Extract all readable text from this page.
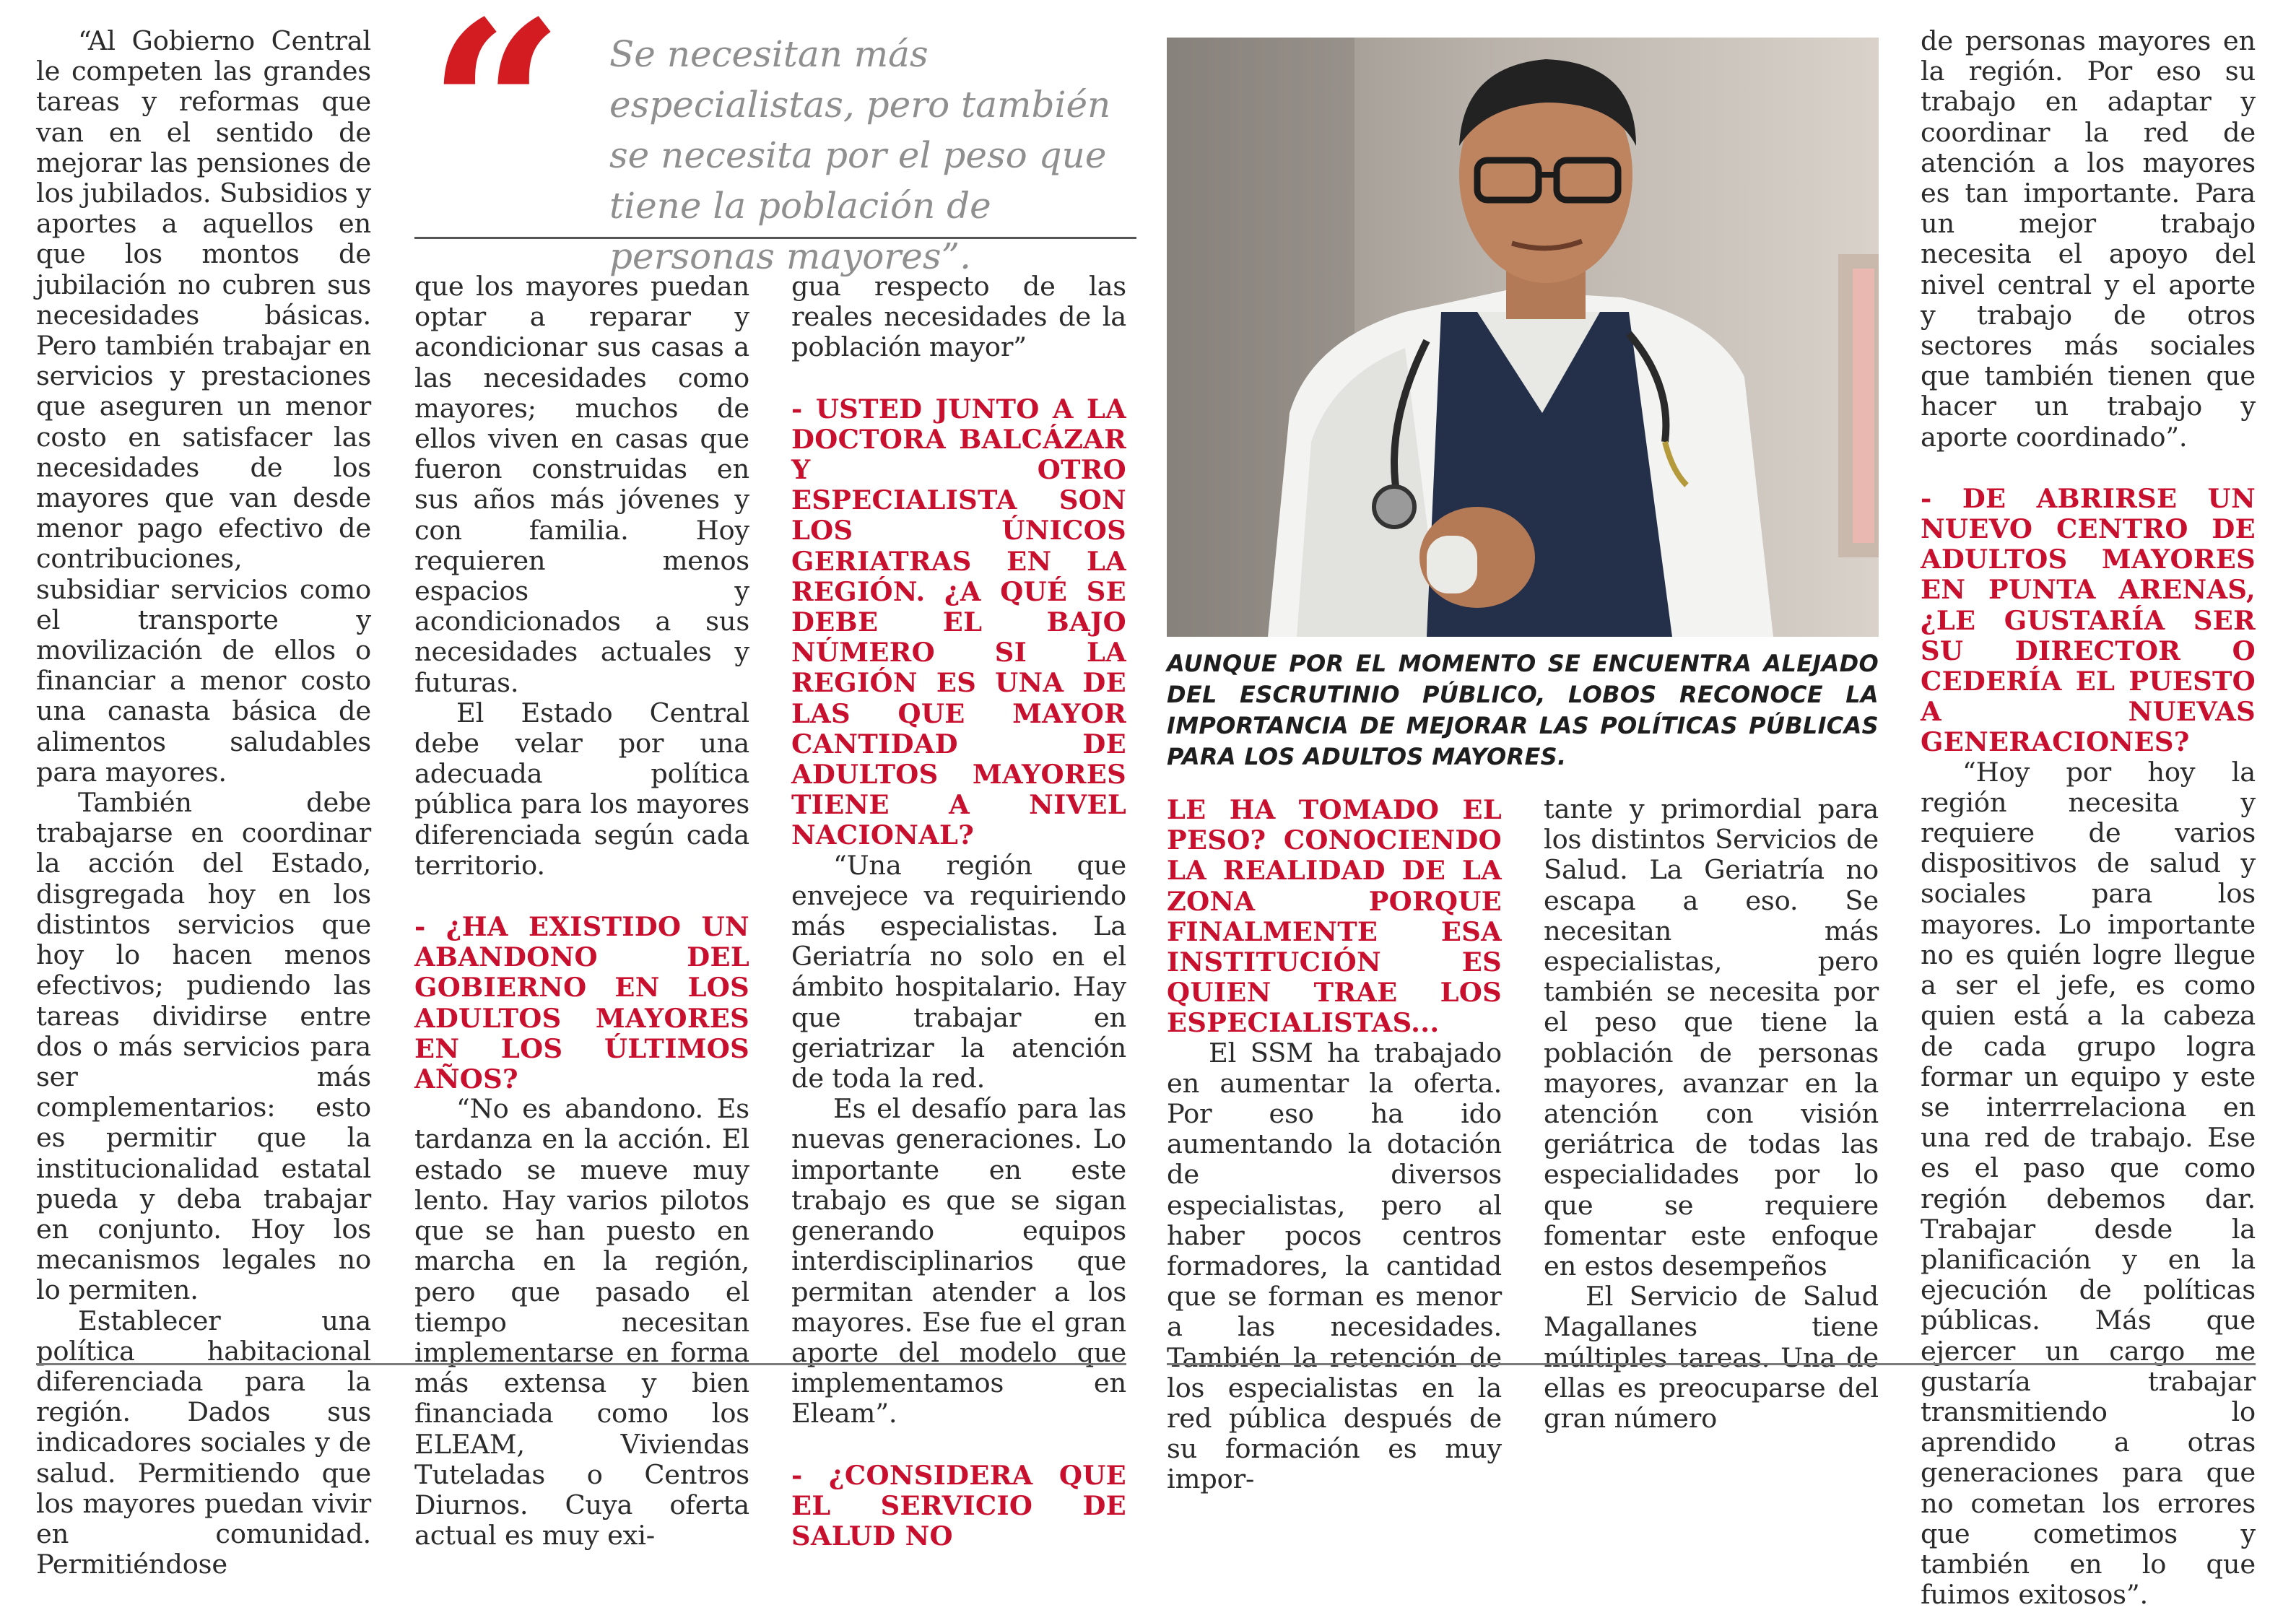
“Al Gobierno Central le competen las grandes tareas y reformas que van en el sentido de mejorar las pensiones de los jubilados. Subsidios y aportes a aquellos en que los montos de jubilación no cubren sus necesidades básicas. Pero también trabajar en servicios y prestaciones que aseguren un menor costo en satisfacer las necesidades de los mayores que van desde menor pago efectivo de contribuciones, subsidiar servicios como el transporte y movilización de ellos o financiar a menor costo una canasta básica de alimentos saludables para mayores.

También debe trabajarse en coordinar la acción del Estado, disgregada hoy en los distintos servicios que hoy lo hacen menos efectivos; pudiendo las tareas dividirse entre dos o más servicios para ser más complementarios: esto es permitir que la institucionalidad estatal pueda y deba trabajar en conjunto. Hoy los mecanismos legales no lo permiten.

Establecer una política habitacional diferenciada para la región. Dados sus indicadores sociales y de salud. Permitiendo que los mayores puedan vivir en comunidad. Permitiéndose

que los mayores puedan optar a reparar y acondicionar sus casas a las necesidades como mayores; muchos de ellos viven en casas que fueron construidas en sus años más jóvenes y con familia. Hoy requieren menos espacios y acondicionados a sus necesidades actuales y futuras.

El Estado Central debe velar por una adecuada política pública para los mayores diferenciada según cada territorio.

- ¿HA EXISTIDO UN ABANDONO DEL GOBIERNO EN LOS ADULTOS MAYORES EN LOS ÚLTIMOS AÑOS?

“No es abandono. Es tardanza en la acción. El estado se mueve muy lento. Hay varios pilotos que se han puesto en marcha en la región, pero que pasado el tiempo necesitan implementarse en forma más extensa y bien financiada como los ELEAM, Viviendas Tuteladas o Centros Diurnos. Cuya oferta actual es muy exi-

gua respecto de las reales necesidades de la población mayor”

- USTED JUNTO A LA DOCTORA BALCÁZAR Y OTRO ESPECIALISTA SON LOS ÚNICOS GERIATRAS EN LA REGIÓN. ¿A QUÉ SE DEBE EL BAJO NÚMERO SI LA REGIÓN ES UNA DE LAS QUE MAYOR CANTIDAD DE ADULTOS MAYORES TIENE A NIVEL NACIONAL?

“Una región que envejece va requiriendo más especialistas. La Geriatría no solo en el ámbito hospitalario. Hay que trabajar en geriatrizar la atención de toda la red.

Es el desafío para las nuevas generaciones. Lo importante en este trabajo es que se sigan generando equipos interdisciplinarios que permitan atender a los mayores. Ese fue el gran aporte del modelo que implementamos en Eleam”.

- ¿CONSIDERA QUE EL SERVICIO DE SALUD NO

LE HA TOMADO EL PESO? CONOCIENDO LA REALIDAD DE LA ZONA PORQUE FINALMENTE ESA INSTITUCIÓN ES QUIEN TRAE LOS ESPECIALISTAS...

El SSM ha trabajado en aumentar la oferta. Por eso ha ido aumentando la dotación de diversos especialistas, pero al haber pocos centros formadores, la cantidad que se forman es menor a las necesidades. También la retención de los especialistas en la red pública después de su formación es muy impor-

tante y primordial para los distintos Servicios de Salud. La Geriatría no escapa a eso. Se necesitan más especialistas, pero también se necesita por el peso que tiene la población de personas mayores, avanzar en la atención con visión geriátrica de todas las especialidades por lo que se requiere fomentar este enfoque en estos desempeños

El Servicio de Salud Magallanes tiene múltiples tareas. Una de ellas es preocuparse del gran número

de personas mayores en la región. Por eso su trabajo en adaptar y coordinar la red de atención a los mayores es tan importante. Para un mejor trabajo necesita el apoyo del nivel central y el aporte y trabajo de otros sectores más sociales que también tienen que hacer un trabajo y aporte coordinado”.

- DE ABRIRSE UN NUEVO CENTRO DE ADULTOS MAYORES EN PUNTA ARENAS, ¿LE GUSTARÍA SER SU DIRECTOR O CEDERÍA EL PUESTO A NUEVAS GENERACIONES?

“Hoy por hoy la región necesita y requiere de varios dispositivos de salud y sociales para los mayores. Lo importante no es quién logre llegue a ser el jefe, es como quien está a la cabeza de cada grupo logra formar un equipo y este se interrrelaciona en una red de trabajo. Ese es el paso que como región debemos dar. Trabajar desde la planificación y en la ejecución de políticas públicas. Más que ejercer un cargo me gustaría trabajar transmitiendo lo aprendido a otras generaciones para que no cometan los errores que cometimos y también en lo que fuimos exitosos”.

“ Se necesitan más especialistas, pero también se necesita por el peso que tiene la población de personas mayores”.

AUNQUE POR EL MOMENTO SE ENCUENTRA ALEJADO DEL ESCRUTINIO PÚBLICO, LOBOS RECONOCE LA IMPORTANCIA DE MEJORAR LAS POLÍTICAS PÚBLICAS PARA LOS ADULTOS MAYORES.
